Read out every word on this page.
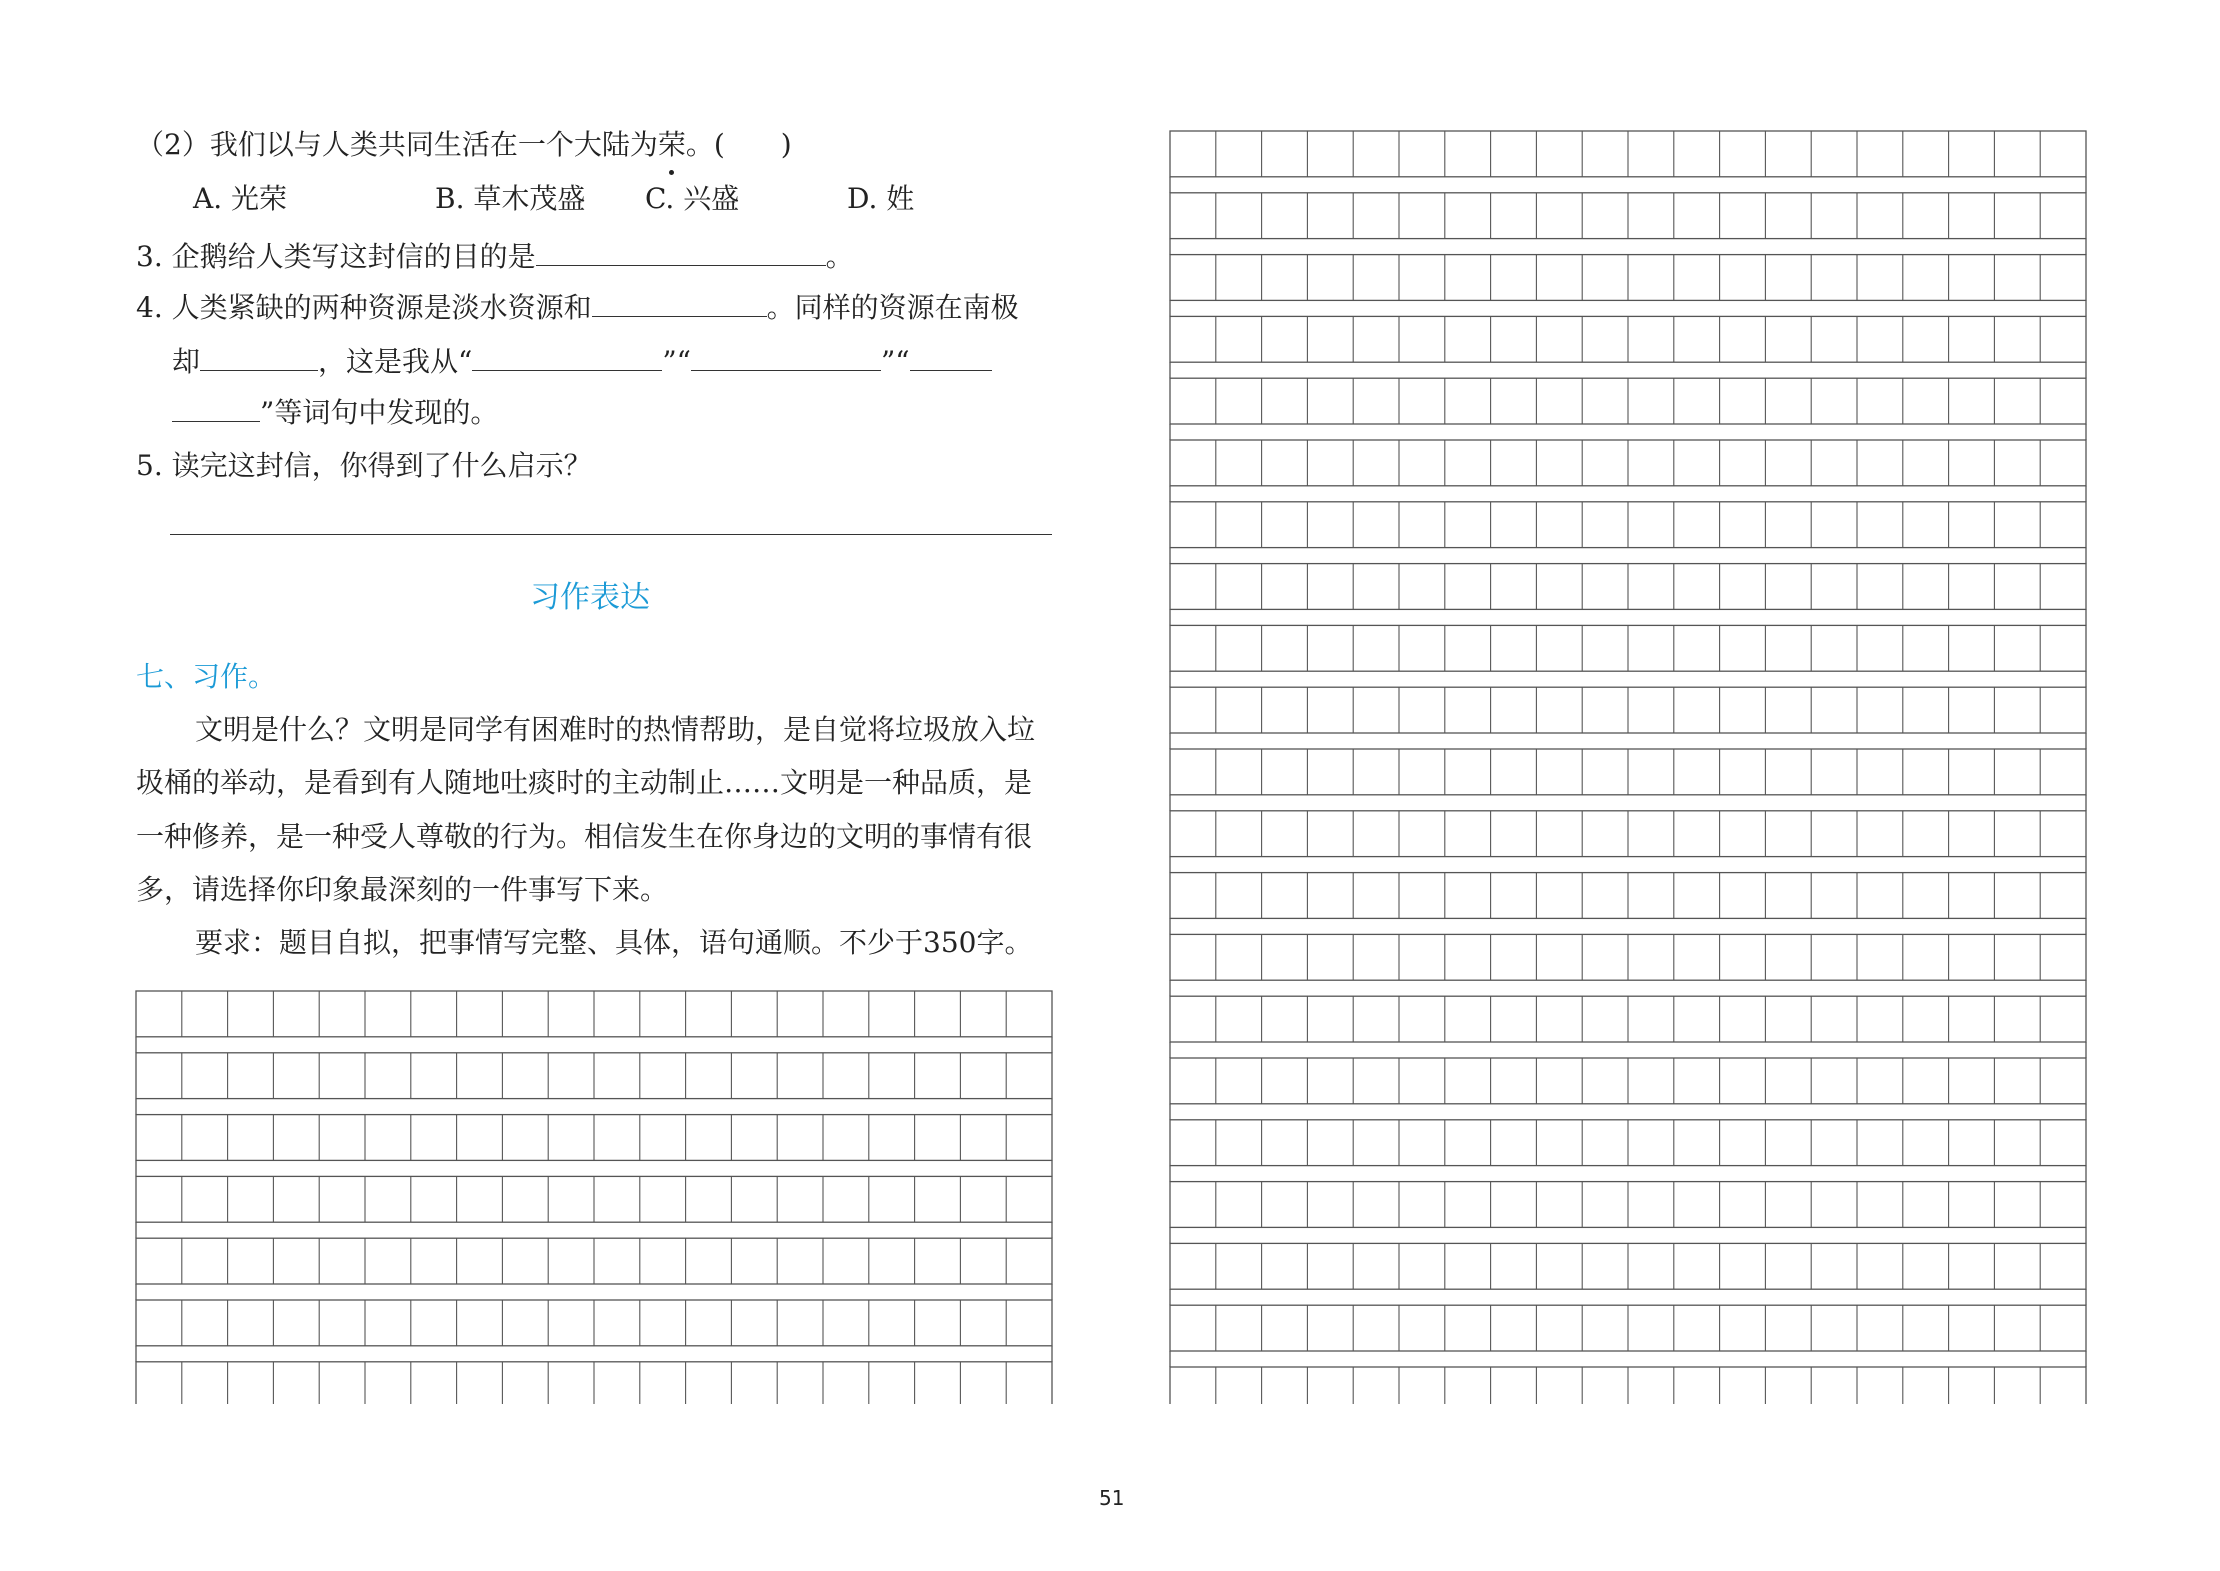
（2）我们以与人类共同生活在一个大陆为荣。(　　)
A. 光荣	B. 草木茂盛 C. 兴盛	D. 姓
3. 企鹅给人类写这封信的目的是	。
4. 人类紧缺的两种资源是淡水资源和	。同样的资源在南极
却	，这是我从“	”“	”“
”等词句中发现的。
5. 读完这封信，你得到了什么启示？
习作表达
七、习作。
文明是什么？文明是同学有困难时的热情帮助，是自觉将垃圾放入垃
圾桶的举动，是看到有人随地吐痰时的主动制止……文明是一种品质，是
一种修养，是一种受人尊敬的行为。相信发生在你身边的文明的事情有很
多，请选择你印象最深刻的一件事写下来。
要求：题目自拟，把事情写完整、具体，语句通顺。不少于350字。
51
